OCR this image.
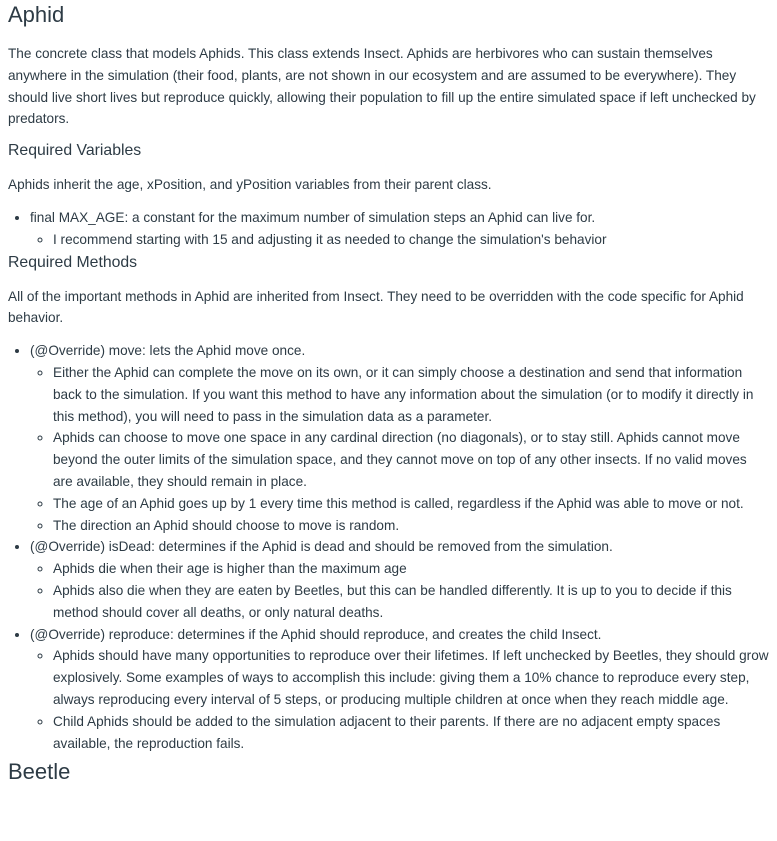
Aphid

The concrete class that models Aphids. This class extends Insect. Aphids are herbivores who can sustain themselves anywhere in the simulation (their food, plants, are not shown in our ecosystem and are assumed to be everywhere). They should live short lives but reproduce quickly, allowing their population to fill up the entire simulated space if left unchecked by predators.

Required Variables

Aphids inherit the age, xPosition, and yPosition variables from their parent class.

• final MAX_AGE: a constant for the maximum number of simulation steps an Aphid can live for.
◦ I recommend starting with 15 and adjusting it as needed to change the simulation's behavior
Required Methods

All of the important methods in Aphid are inherited from Insect. They need to be overridden with the code specific for Aphid behavior.

• (@Override) move: lets the Aphid move once.
◦ Either the Aphid can complete the move on its own, or it can simply choose a destination and send that information back to the simulation. If you want this method to have any information about the simulation (or to modify it directly in this method), you will need to pass in the simulation data as a parameter.
◦ Aphids can choose to move one space in any cardinal direction (no diagonals), or to stay still. Aphids cannot move beyond the outer limits of the simulation space, and they cannot move on top of any other insects. If no valid moves are available, they should remain in place.
◦ The age of an Aphid goes up by 1 every time this method is called, regardless if the Aphid was able to move or not.
◦ The direction an Aphid should choose to move is random.
• (@Override) isDead: determines if the Aphid is dead and should be removed from the simulation.
◦ Aphids die when their age is higher than the maximum age
◦ Aphids also die when they are eaten by Beetles, but this can be handled differently. It is up to you to decide if this method should cover all deaths, or only natural deaths.
• (@Override) reproduce: determines if the Aphid should reproduce, and creates the child Insect.
◦ Aphids should have many opportunities to reproduce over their lifetimes. If left unchecked by Beetles, they should grow explosively. Some examples of ways to accomplish this include: giving them a 10% chance to reproduce every step, always reproducing every interval of 5 steps, or producing multiple children at once when they reach middle age.
◦ Child Aphids should be added to the simulation adjacent to their parents. If there are no adjacent empty spaces available, the reproduction fails.
Beetle
